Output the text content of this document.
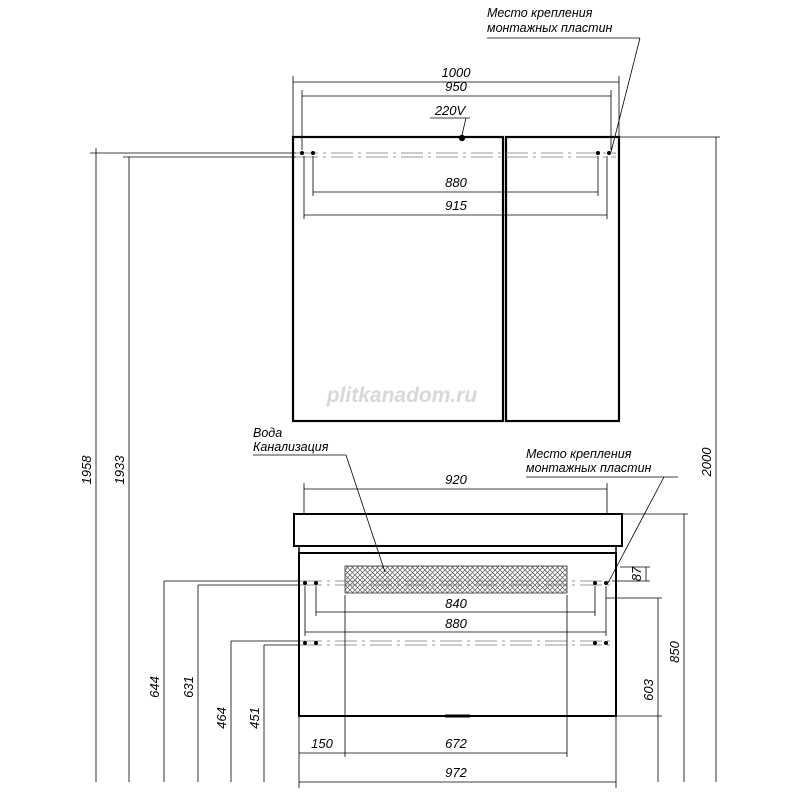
1000
950
220V
880
915
Место крепления
монтажных пластин
Вода
Канализация	Место крепления
монтажных пластин
920
840
880
150	672
972
87
603
850
644 631
464 451
1958 1933	2000
plitkanadom.ru
